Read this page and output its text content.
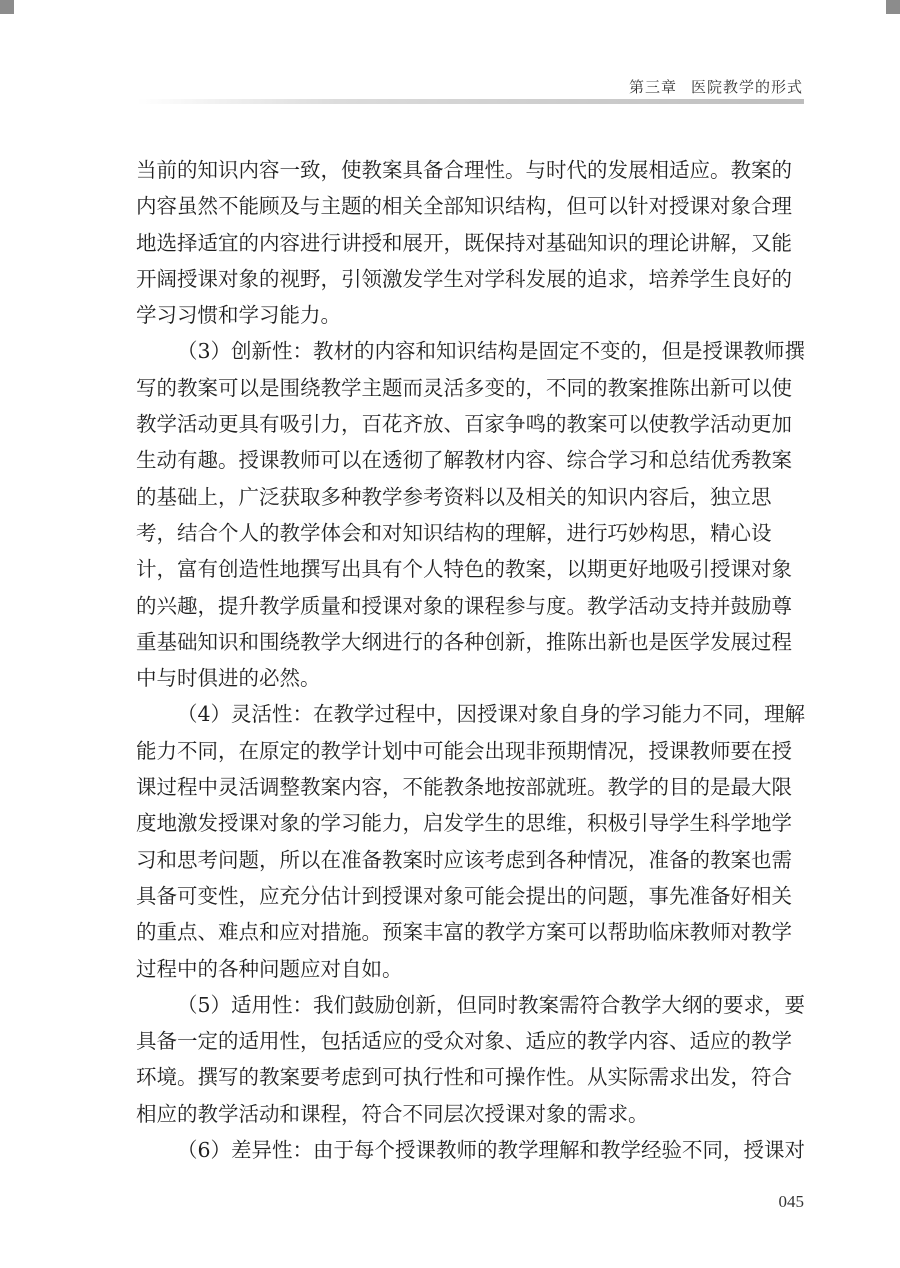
第三章 医院教学的形式

当前的知识内容一致，使教案具备合理性。与时代的发展相适应。教案的

内容虽然不能顾及与主题的相关全部知识结构，但可以针对授课对象合理

地选择适宜的内容进行讲授和展开，既保持对基础知识的理论讲解，又能

开阔授课对象的视野，引领激发学生对学科发展的追求，培养学生良好的

学习习惯和学习能力。

（3）创新性：教材的内容和知识结构是固定不变的，但是授课教师撰

写的教案可以是围绕教学主题而灵活多变的，不同的教案推陈出新可以使

教学活动更具有吸引力，百花齐放、百家争鸣的教案可以使教学活动更加

生动有趣。授课教师可以在透彻了解教材内容、综合学习和总结优秀教案

的基础上，广泛获取多种教学参考资料以及相关的知识内容后，独立思

考，结合个人的教学体会和对知识结构的理解，进行巧妙构思，精心设

计，富有创造性地撰写出具有个人特色的教案，以期更好地吸引授课对象

的兴趣，提升教学质量和授课对象的课程参与度。教学活动支持并鼓励尊

重基础知识和围绕教学大纲进行的各种创新，推陈出新也是医学发展过程

中与时俱进的必然。

（4）灵活性：在教学过程中，因授课对象自身的学习能力不同，理解

能力不同，在原定的教学计划中可能会出现非预期情况，授课教师要在授

课过程中灵活调整教案内容，不能教条地按部就班。教学的目的是最大限

度地激发授课对象的学习能力，启发学生的思维，积极引导学生科学地学

习和思考问题，所以在准备教案时应该考虑到各种情况，准备的教案也需

具备可变性，应充分估计到授课对象可能会提出的问题，事先准备好相关

的重点、难点和应对措施。预案丰富的教学方案可以帮助临床教师对教学

过程中的各种问题应对自如。

（5）适用性：我们鼓励创新，但同时教案需符合教学大纲的要求，要

具备一定的适用性，包括适应的受众对象、适应的教学内容、适应的教学

环境。撰写的教案要考虑到可执行性和可操作性。从实际需求出发，符合

相应的教学活动和课程，符合不同层次授课对象的需求。

（6）差异性：由于每个授课教师的教学理解和教学经验不同，授课对

045
